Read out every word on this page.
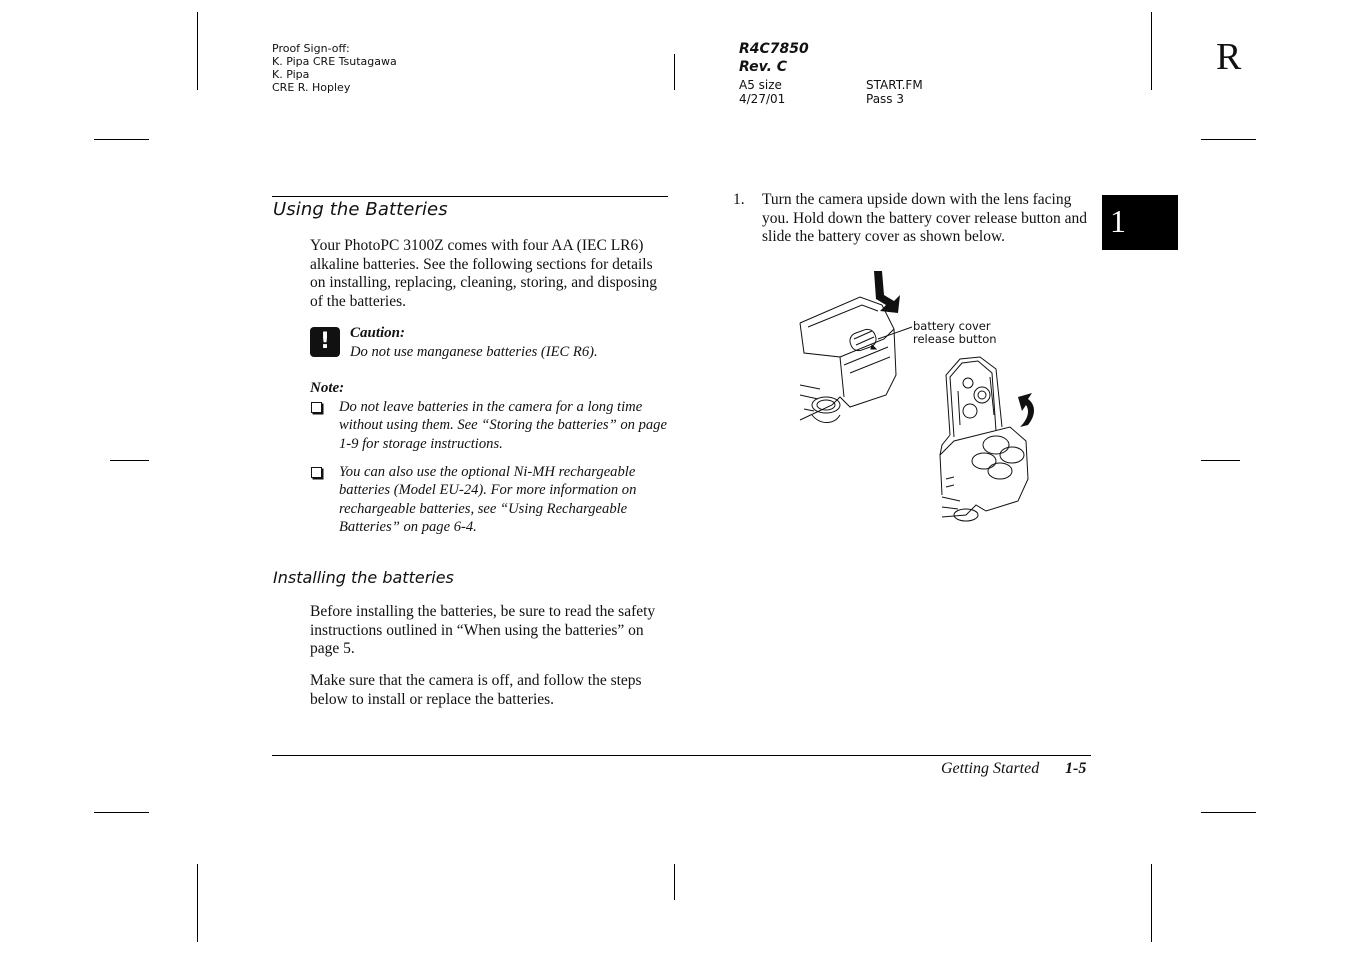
Proof Sign-off:
K. Pipa CRE Tsutagawa
K. Pipa
CRE R. Hopley
R4C7850
Rev. C
A5 size
4/27/01
START.FM
Pass 3
R
1
Using the Batteries
Your PhotoPC 3100Z comes with four AA (IEC LR6) alkaline batteries. See the following sections for details on installing, replacing, cleaning, storing, and disposing of the batteries.
!	Caution:
Do not use manganese batteries (IEC R6).
Note:
Do not leave batteries in the camera for a long time without using them. See “Storing the batteries” on page 1-9 for storage instructions.
You can also use the optional Ni-MH rechargeable batteries (Model EU-24). For more information on rechargeable batteries, see “Using Rechargeable Batteries” on page 6-4.
Installing the batteries
Before installing the batteries, be sure to read the safety instructions outlined in “When using the batteries” on page 5.
Make sure that the camera is off, and follow the steps below to install or replace the batteries.
1. Turn the camera upside down with the lens facing you. Hold down the battery cover release button and slide the battery cover as shown below.
battery cover
release button
Getting Started 1-5
